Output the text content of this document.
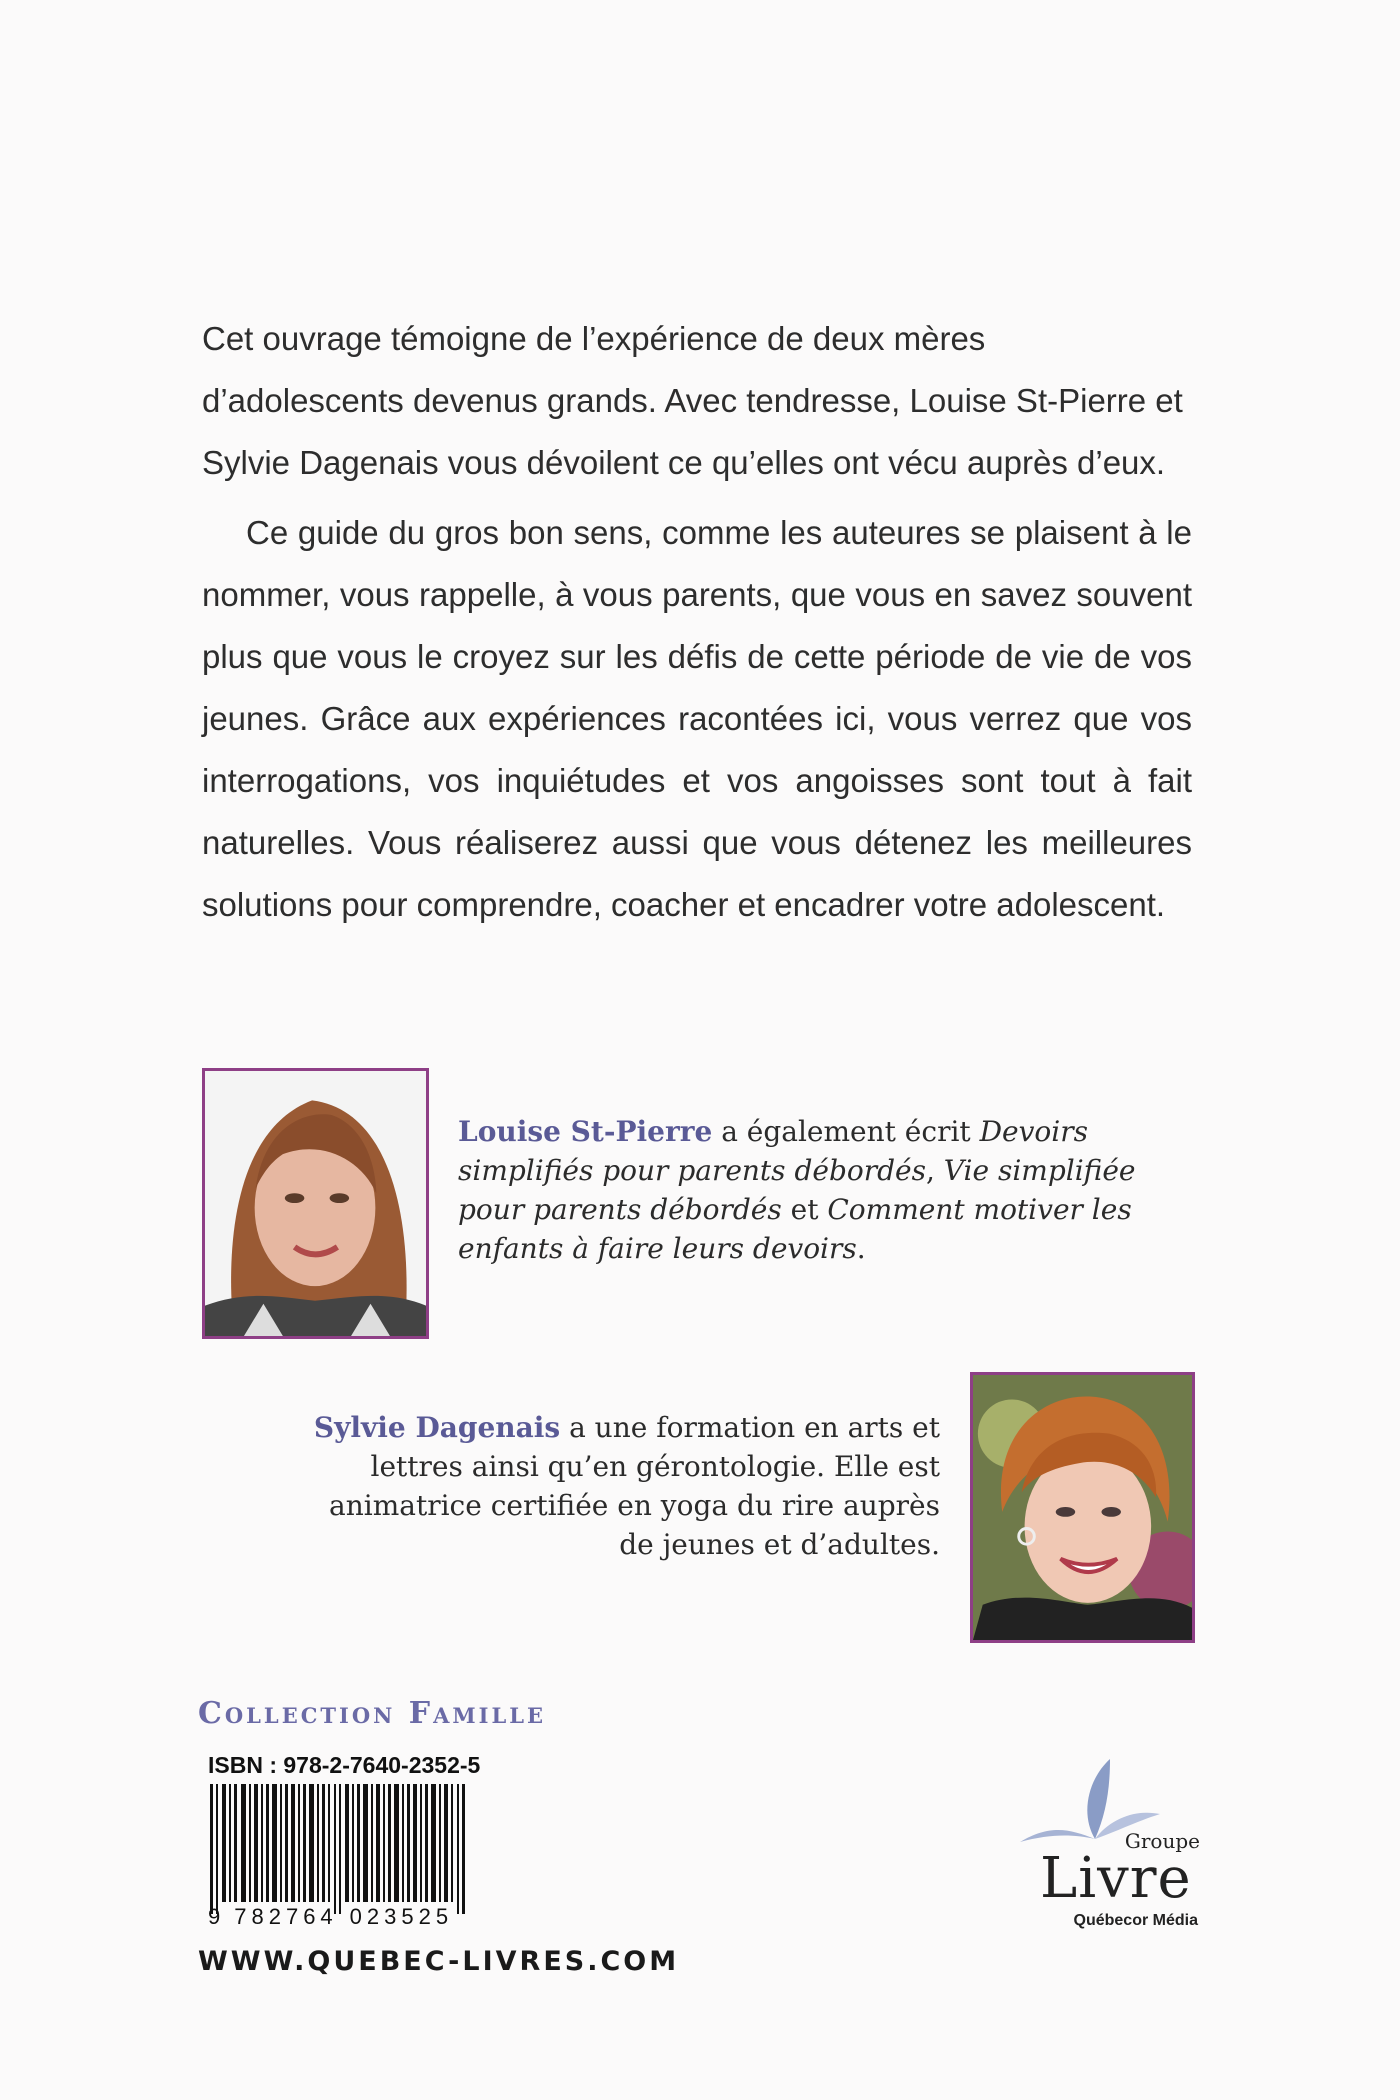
Cet ouvrage témoigne de l’expérience de deux mères d’adolescents devenus grands. Avec tendresse, Louise St-Pierre et Sylvie Dagenais vous dévoilent ce qu’elles ont vécu auprès d’eux.

Ce guide du gros bon sens, comme les auteures se plaisent à le nommer, vous rappelle, à vous parents, que vous en savez souvent plus que vous le croyez sur les défis de cette période de vie de vos jeunes. Grâce aux expériences racontées ici, vous verrez que vos interrogations, vos inquiétudes et vos angoisses sont tout à fait naturelles. Vous réaliserez aussi que vous détenez les meilleures solutions pour comprendre, coacher et encadrer votre adolescent.

Louise St-Pierre a également écrit Devoirs simplifiés pour parents débordés, Vie simplifiée pour parents débordés et Comment motiver les enfants à faire leurs devoirs.
Sylvie Dagenais a une formation en arts et lettres ainsi qu’en gérontologie. Elle est animatrice certifiée en yoga du rire auprès de jeunes et d’adultes.
Collection Famille
ISBN : 978-2-7640-2352-5
9 782764 023525
WWW.QUEBEC-LIVRES.COM
Groupe
Livre
Québecor Média
